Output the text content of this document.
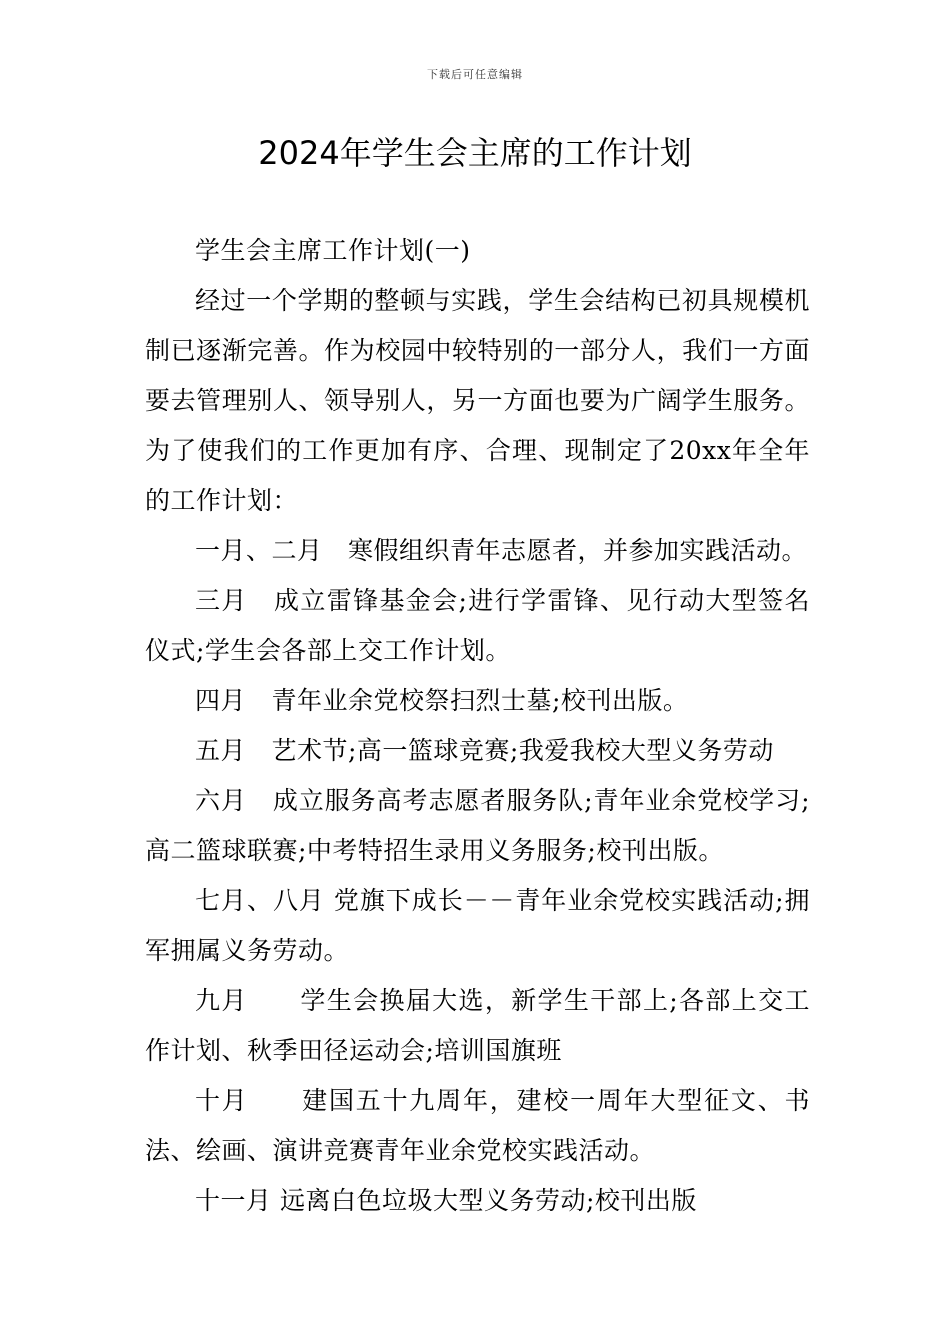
下载后可任意编辑
2024年学生会主席的工作计划

学生会主席工作计划(一)

经过一个学期的整顿与实践，学生会结构已初具规模机制已逐渐完善。作为校园中较特别的一部分人，我们一方面要去管理别人、领导别人，另一方面也要为广阔学生服务。为了使我们的工作更加有序、合理、现制定了20xx年全年的工作计划：

一月、二月　寒假组织青年志愿者，并参加实践活动。

三月　成立雷锋基金会;进行学雷锋、见行动大型签名仪式;学生会各部上交工作计划。

四月　青年业余党校祭扫烈士墓;校刊出版。

五月　艺术节;高一篮球竞赛;我爱我校大型义务劳动

六月　成立服务高考志愿者服务队;青年业余党校学习;高二篮球联赛;中考特招生录用义务服务;校刊出版。

七月、八月 党旗下成长－－青年业余党校实践活动;拥军拥属义务劳动。

九月　　学生会换届大选，新学生干部上;各部上交工作计划、秋季田径运动会;培训国旗班

十月　　建国五十九周年，建校一周年大型征文、书法、绘画、演讲竞赛青年业余党校实践活动。

十一月 远离白色垃圾大型义务劳动;校刊出版
